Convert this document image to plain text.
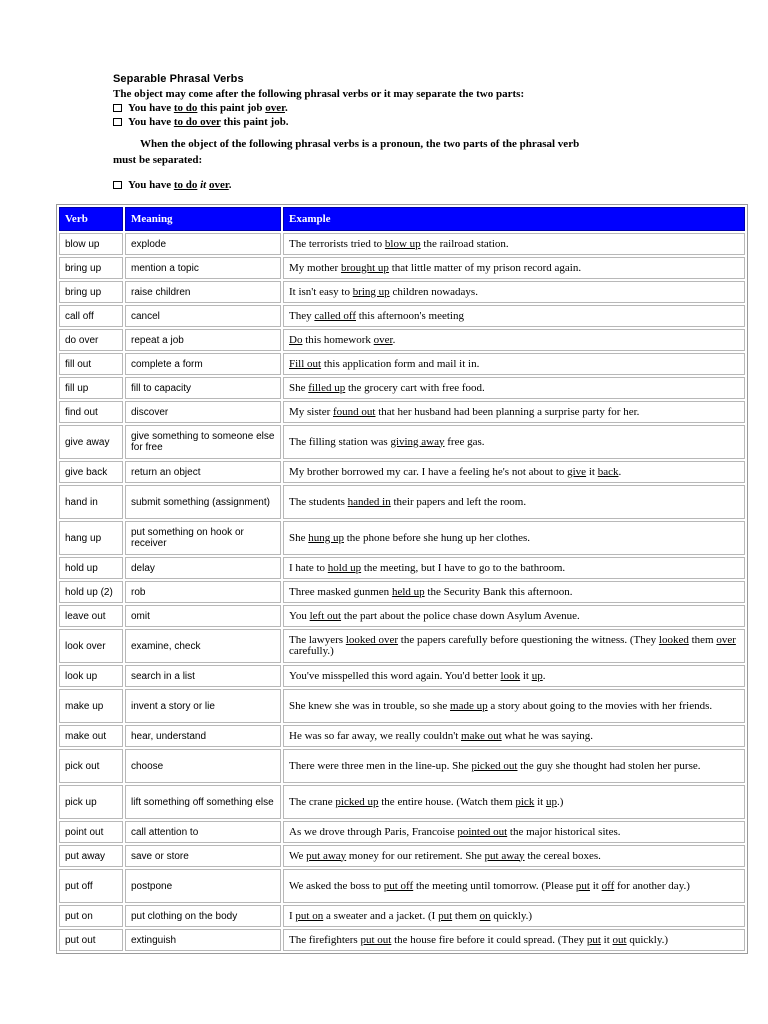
Separable Phrasal Verbs
The object may come after the following phrasal verbs or it may separate the two parts:
You have to do this paint job over.
You have to do over this paint job.
When the object of the following phrasal verbs is a pronoun, the two parts of the phrasal verb
must be separated:
You have to do it over.
Verb	Meaning	Example
blow up	explode	The terrorists tried to blow up the railroad station.
bring up	mention a topic	My mother brought up that little matter of my prison record again.
bring up	raise children	It isn't easy to bring up children nowadays.
call off	cancel	They called off this afternoon's meeting
do over	repeat a job	Do this homework over.
fill out	complete a form	Fill out this application form and mail it in.
fill up	fill to capacity	She filled up the grocery cart with free food.
find out	discover	My sister found out that her husband had been planning a surprise party for her.
give away	give something to someone else for free	The filling station was giving away free gas.
give back	return an object	My brother borrowed my car. I have a feeling he's not about to give it back.
hand in	submit something (assignment)	The students handed in their papers and left the room.
hang up	put something on hook or receiver	She hung up the phone before she hung up her clothes.
hold up	delay	I hate to hold up the meeting, but I have to go to the bathroom.
hold up (2)	rob	Three masked gunmen held up the Security Bank this afternoon.
leave out	omit	You left out the part about the police chase down Asylum Avenue.
look over	examine, check	The lawyers looked over the papers carefully before questioning the witness. (They looked them over carefully.)
look up	search in a list	You've misspelled this word again. You'd better look it up.
make up	invent a story or lie	She knew she was in trouble, so she made up a story about going to the movies with her friends.
make out	hear, understand	He was so far away, we really couldn't make out what he was saying.
pick out	choose	There were three men in the line-up. She picked out the guy she thought had stolen her purse.
pick up	lift something off something else	The crane picked up the entire house. (Watch them pick it up.)
point out	call attention to	As we drove through Paris, Francoise pointed out the major historical sites.
put away	save or store	We put away money for our retirement. She put away the cereal boxes.
put off	postpone	We asked the boss to put off the meeting until tomorrow. (Please put it off for another day.)
put on	put clothing on the body	I put on a sweater and a jacket. (I put them on quickly.)
put out	extinguish	The firefighters put out the house fire before it could spread. (They put it out quickly.)
